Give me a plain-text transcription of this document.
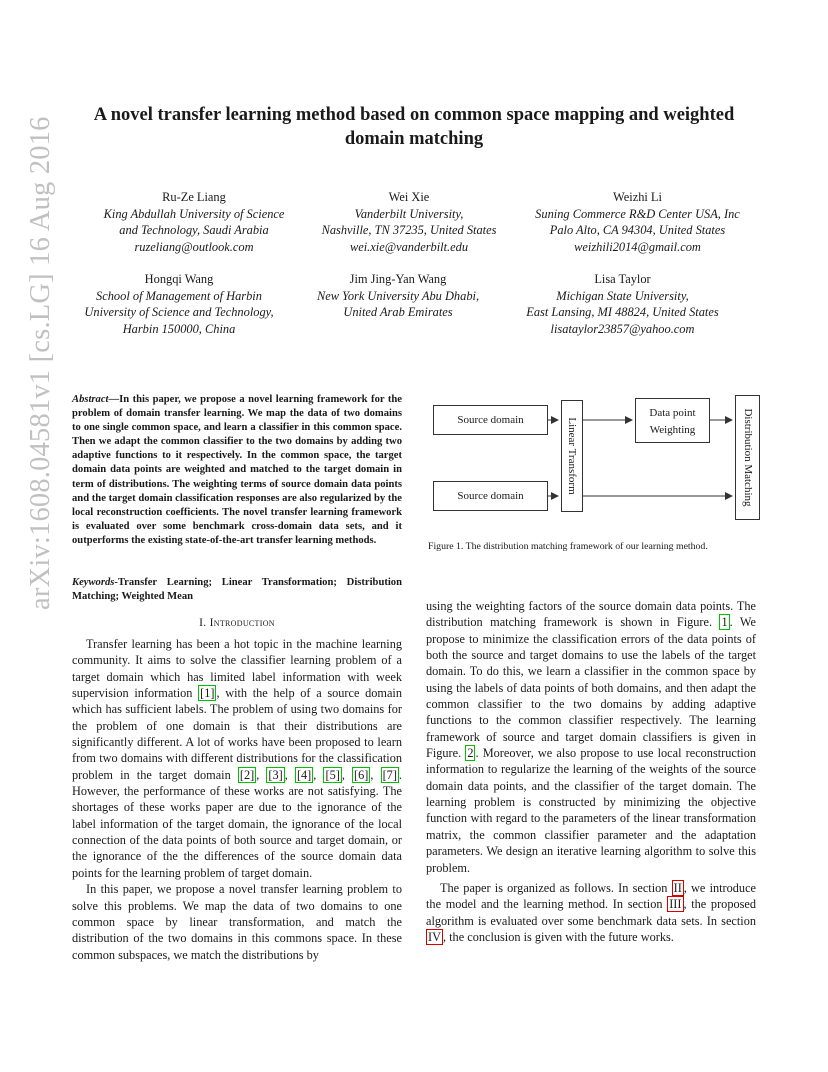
arXiv:1608.04581v1 [cs.LG] 16 Aug 2016
A novel transfer learning method based on common space mapping and weighted
domain matching
Ru-Ze Liang
King Abdullah University of Science
and Technology, Saudi Arabia
ruzeliang@outlook.com
Wei Xie
Vanderbilt University,
Nashville, TN 37235, United States
wei.xie@vanderbilt.edu
Weizhi Li
Suning Commerce R&D Center USA, Inc
Palo Alto, CA 94304, United States
weizhili2014@gmail.com
Hongqi Wang
School of Management of Harbin
University of Science and Technology,
Harbin 150000, China
Jim Jing-Yan Wang
New York University Abu Dhabi,
United Arab Emirates
Lisa Taylor
Michigan State University,
East Lansing, MI 48824, United States
lisataylor23857@yahoo.com
Abstract—In this paper, we propose a novel learning framework for the problem of domain transfer learning. We map the data of two domains to one single common space, and learn a classifier in this common space. Then we adapt the common classifier to the two domains by adding two adaptive functions to it respectively. In the common space, the target domain data points are weighted and matched to the target domain in term of distributions. The weighting terms of source domain data points and the target domain classification responses are also regularized by the local reconstruction coefficients. The novel transfer learning framework is evaluated over some benchmark cross-domain data sets, and it outperforms the existing state-of-the-art transfer learning methods.
Keywords-Transfer Learning; Linear Transformation; Distribution Matching; Weighted Mean
I. Introduction

Transfer learning has been a hot topic in the machine learning community. It aims to solve the classifier learning problem of a target domain which has limited label information with week supervision information [1] , with the help of a source domain which has sufficient labels. The problem of using two domains for the problem of one domain is that their distributions are significantly different. A lot of works have been proposed to learn from two domains with different distributions for the classification problem in the target domain [2] , [3] , [4] , [5] , [6] , [7] . However, the performance of these works are not satisfying. The shortages of these works paper are due to the ignorance of the label information of the target domain, the ignorance of the local connection of the data points of both source and target domain, or the ignorance of the the differences of the source domain data points for the learning problem of target domain.

In this paper, we propose a novel transfer learning problem to solve this problems. We map the data of two domains to one common space by linear transformation, and match the distribution of the two domains in this commons space. In these common subspaces, we match the distributions by

Source domain
Source domain
Linear Transform
Data point
Weighting	Distribution Matching
Figure 1. The distribution matching framework of our learning method.

using the weighting factors of the source domain data points. The distribution matching framework is shown in Figure. 1 . We propose to minimize the classification errors of the data points of both the source and target domains to use the labels of the target domain. To do this, we learn a classifier in the common space by using the labels of data points of both domains, and then adapt the common classifier to the two domains by adding adaptive functions to the common classifier respectively. The learning framework of source and target domain classifiers is given in Figure. 2 . Moreover, we also propose to use local reconstruction information to regularize the learning of the weights of the source domain data points, and the classifier of the target domain. The learning problem is constructed by minimizing the objective function with regard to the parameters of the linear transformation matrix, the common classifier parameter and the adaptation parameters. We design an iterative learning algorithm to solve this problem.

The paper is organized as follows. In section II , we introduce the model and the learning method. In section III , the proposed algorithm is evaluated over some benchmark data sets. In section IV , the conclusion is given with the future works.
